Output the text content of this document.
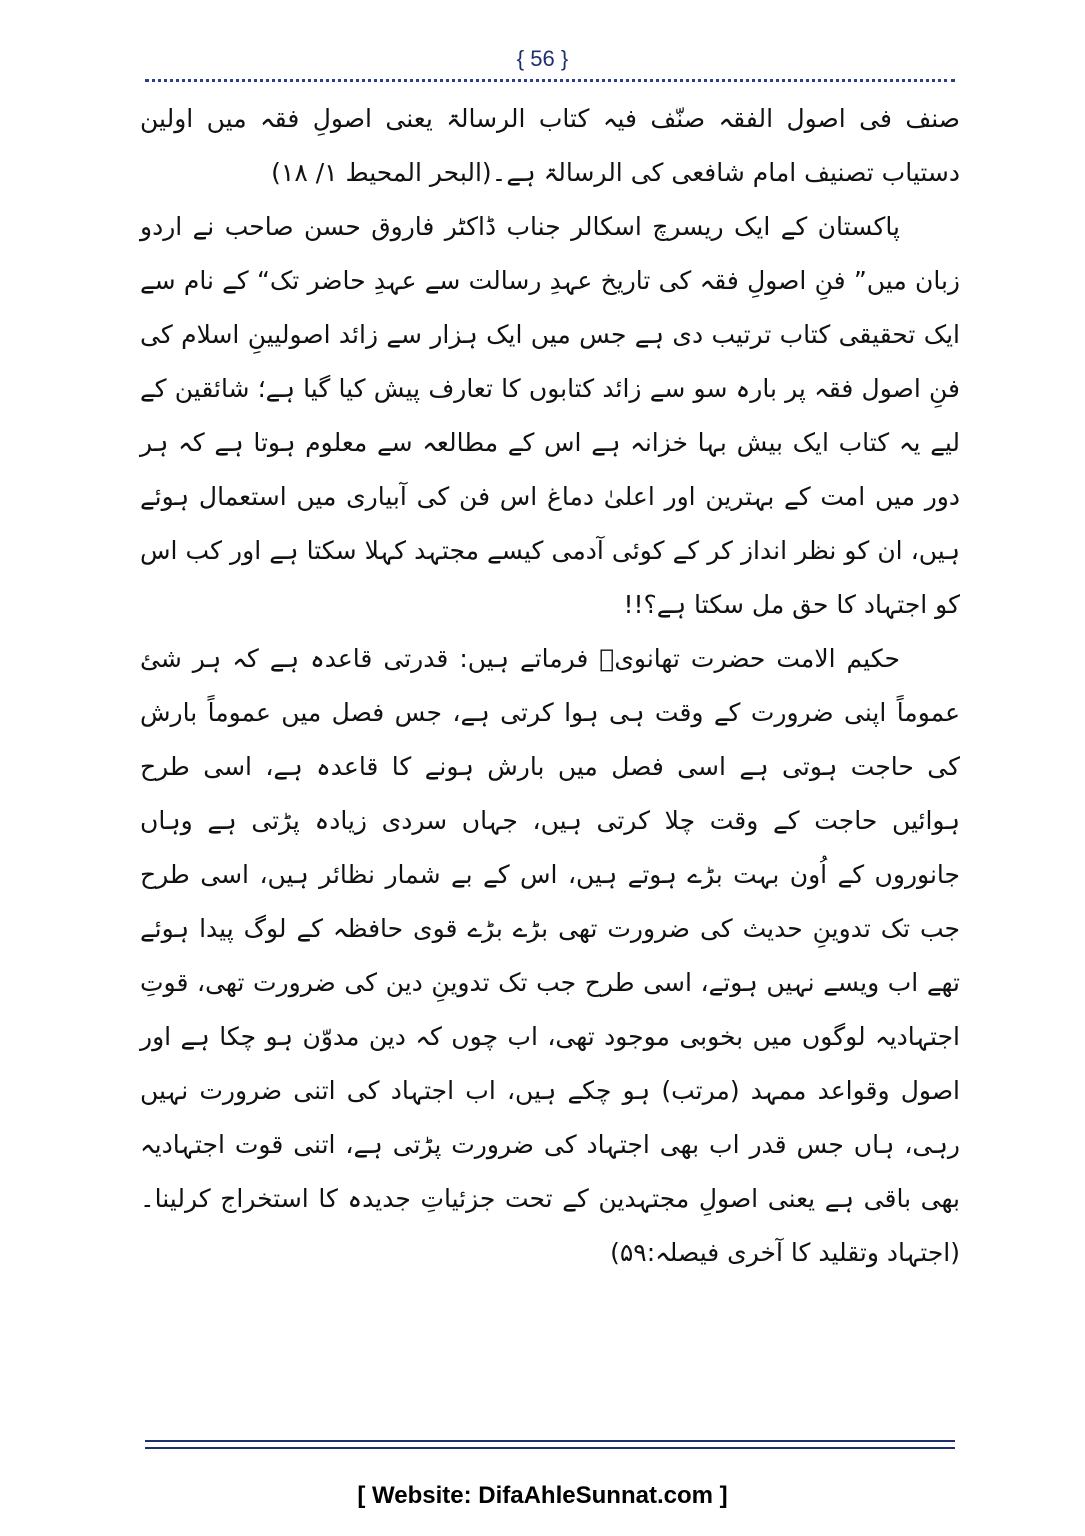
{ 56 }

صنف فی اصول الفقہ صنّف فیہ کتاب الرسالۃ یعنی اصولِ فقہ میں اولین دستیاب تصنیف امام شافعی کی الرسالۃ ہے۔(البحر المحیط ۱/ ۱۸)

پاکستان کے ایک ریسرچ اسکالر جناب ڈاکٹر فاروق حسن صاحب نے اردو زبان میں” فنِ اصولِ فقہ کی تاریخ عہدِ رسالت سے عہدِ حاضر تک“ کے نام سے ایک تحقیقی کتاب ترتیب دی ہے جس میں ایک ہزار سے زائد اصولیینِ اسلام کی فنِ اصول فقہ پر بارہ سو سے زائد کتابوں کا تعارف پیش کیا گیا ہے؛ شائقین کے لیے یہ کتاب ایک بیش بہا خزانہ ہے اس کے مطالعہ سے معلوم ہوتا ہے کہ ہر دور میں امت کے بہترین اور اعلیٰ دماغ اس فن کی آبیاری میں استعمال ہوئے ہیں، ان کو نظر انداز کر کے کوئی آدمی کیسے مجتہد کہلا سکتا ہے اور کب اس کو اجتہاد کا حق مل سکتا ہے؟!!

حکیم الامت حضرت تھانویؒ فرماتے ہیں: قدرتی قاعدہ ہے کہ ہر شئ عموماً اپنی ضرورت کے وقت ہی ہوا کرتی ہے، جس فصل میں عموماً بارش کی حاجت ہوتی ہے اسی فصل میں بارش ہونے کا قاعدہ ہے، اسی طرح ہوائیں حاجت کے وقت چلا کرتی ہیں، جہاں سردی زیادہ پڑتی ہے وہاں جانوروں کے اُون بہت بڑے ہوتے ہیں، اس کے بے شمار نظائر ہیں، اسی طرح جب تک تدوینِ حدیث کی ضرورت تھی بڑے بڑے قوی حافظہ کے لوگ پیدا ہوئے تھے اب ویسے نہیں ہوتے، اسی طرح جب تک تدوینِ دین کی ضرورت تھی، قوتِ اجتہادیہ لوگوں میں بخوبی موجود تھی، اب چوں کہ دین مدوّن ہو چکا ہے اور اصول وقواعد ممہد (مرتب) ہو چکے ہیں، اب اجتہاد کی اتنی ضرورت نہیں رہی، ہاں جس قدر اب بھی اجتہاد کی ضرورت پڑتی ہے، اتنی قوت اجتہادیہ بھی باقی ہے یعنی اصولِ مجتہدین کے تحت جزئیاتِ جدیدہ کا استخراج کرلینا۔(اجتہاد وتقلید کا آخری فیصلہ:۵۹)

[ Website: DifaAhleSunnat.com ]
